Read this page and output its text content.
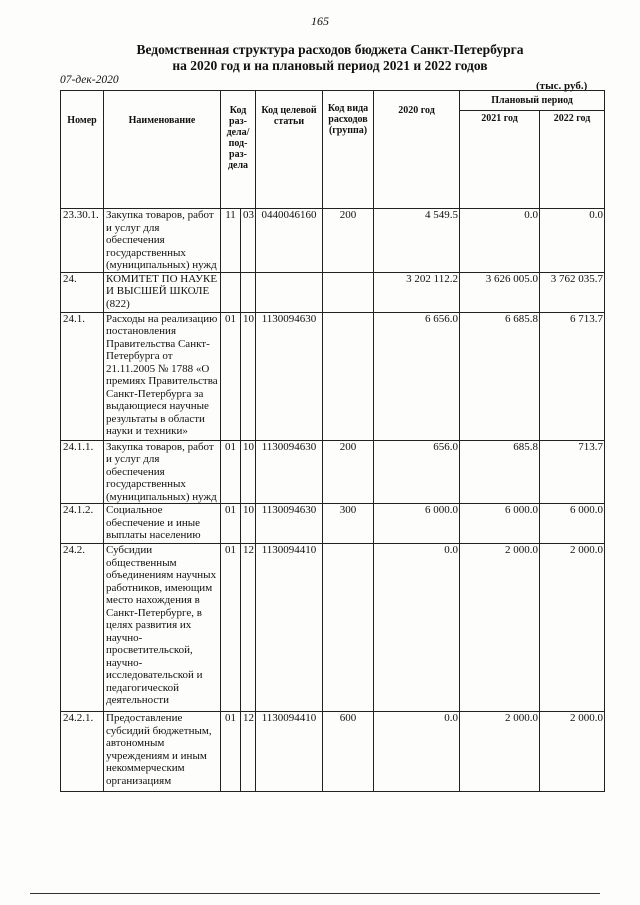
165
Ведомственная структура расходов бюджета Санкт-Петербурга
на 2020 год и на плановый период 2021 и 2022 годов
07-дек-2020	(тыс. руб.)
Номер	Наименование	Код раз- дела/ под- раз- дела		Код целевой статьи	Код вида расходов (группа)	2020 год	Плановый период	
							2021 год	2022 год
23.30.1.	Закупка товаров, работ и услуг для обеспечения государственных (муниципальных) нужд	11	03	0440046160	200	4 549.5	0.0	0.0
24.	КОМИТЕТ ПО НАУКЕ И ВЫСШЕЙ ШКОЛЕ (822)					3 202 112.2	3 626 005.0	3 762 035.7
24.1.	Расходы на реализацию постановления Правительства Санкт-Петербурга от 21.11.2005 № 1788 «О премиях Правительства Санкт-Петербурга за выдающиеся научные результаты в области науки и техники»	01	10	1130094630		6 656.0	6 685.8	6 713.7
24.1.1.	Закупка товаров, работ и услуг для обеспечения государственных (муниципальных) нужд	01	10	1130094630	200	656.0	685.8	713.7
24.1.2.	Социальное обеспечение и иные выплаты населению	01	10	1130094630	300	6 000.0	6 000.0	6 000.0
24.2.	Субсидии общественным объединениям научных работников, имеющим место нахождения в Санкт-Петербурге, в целях развития их научно-просветительской, научно-исследовательской и педагогической деятельности	01	12	1130094410		0.0	2 000.0	2 000.0
24.2.1.	Предоставление субсидий бюджетным, автономным учреждениям и иным некоммерческим организациям	01	12	1130094410	600	0.0	2 000.0	2 000.0
